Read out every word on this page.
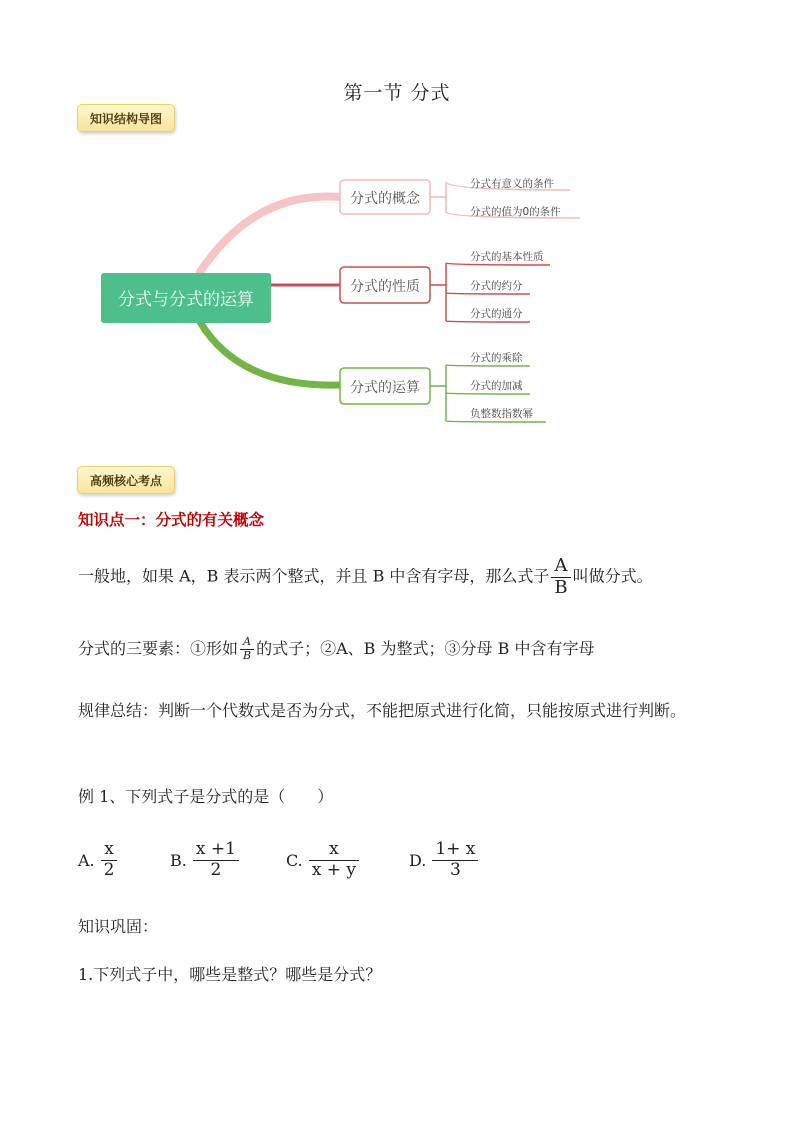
第一节 分式
知识结构导图
分式与分式的运算
分式的概念
分式有意义的条件
分式的值为0的条件
分式的性质
分式的基本性质
分式的约分
分式的通分
分式的运算
分式的乘除
分式的加减
负整数指数幂
高频核心考点
知识点一：分式的有关概念
一般地，如果 A，B 表示两个整式，并且 B 中含有字母，那么式子 $\frac{A}{B}$ 叫做分式。
分式的三要素：①形如 $\frac{A}{B}$ 的式子；②A、B 为整式；③分母 B 中含有字母
规律总结：判断一个代数式是否为分式，不能把原式进行化简，只能按原式进行判断。
例 1、下列式子是分式的是（　　）
A. $\frac{x}{2}$	B. $\frac{x +1}{2}$	C. $\frac{x}{x + y}$	D. $\frac{1+ x}{3}$
知识巩固：
1.下列式子中，哪些是整式？哪些是分式？
